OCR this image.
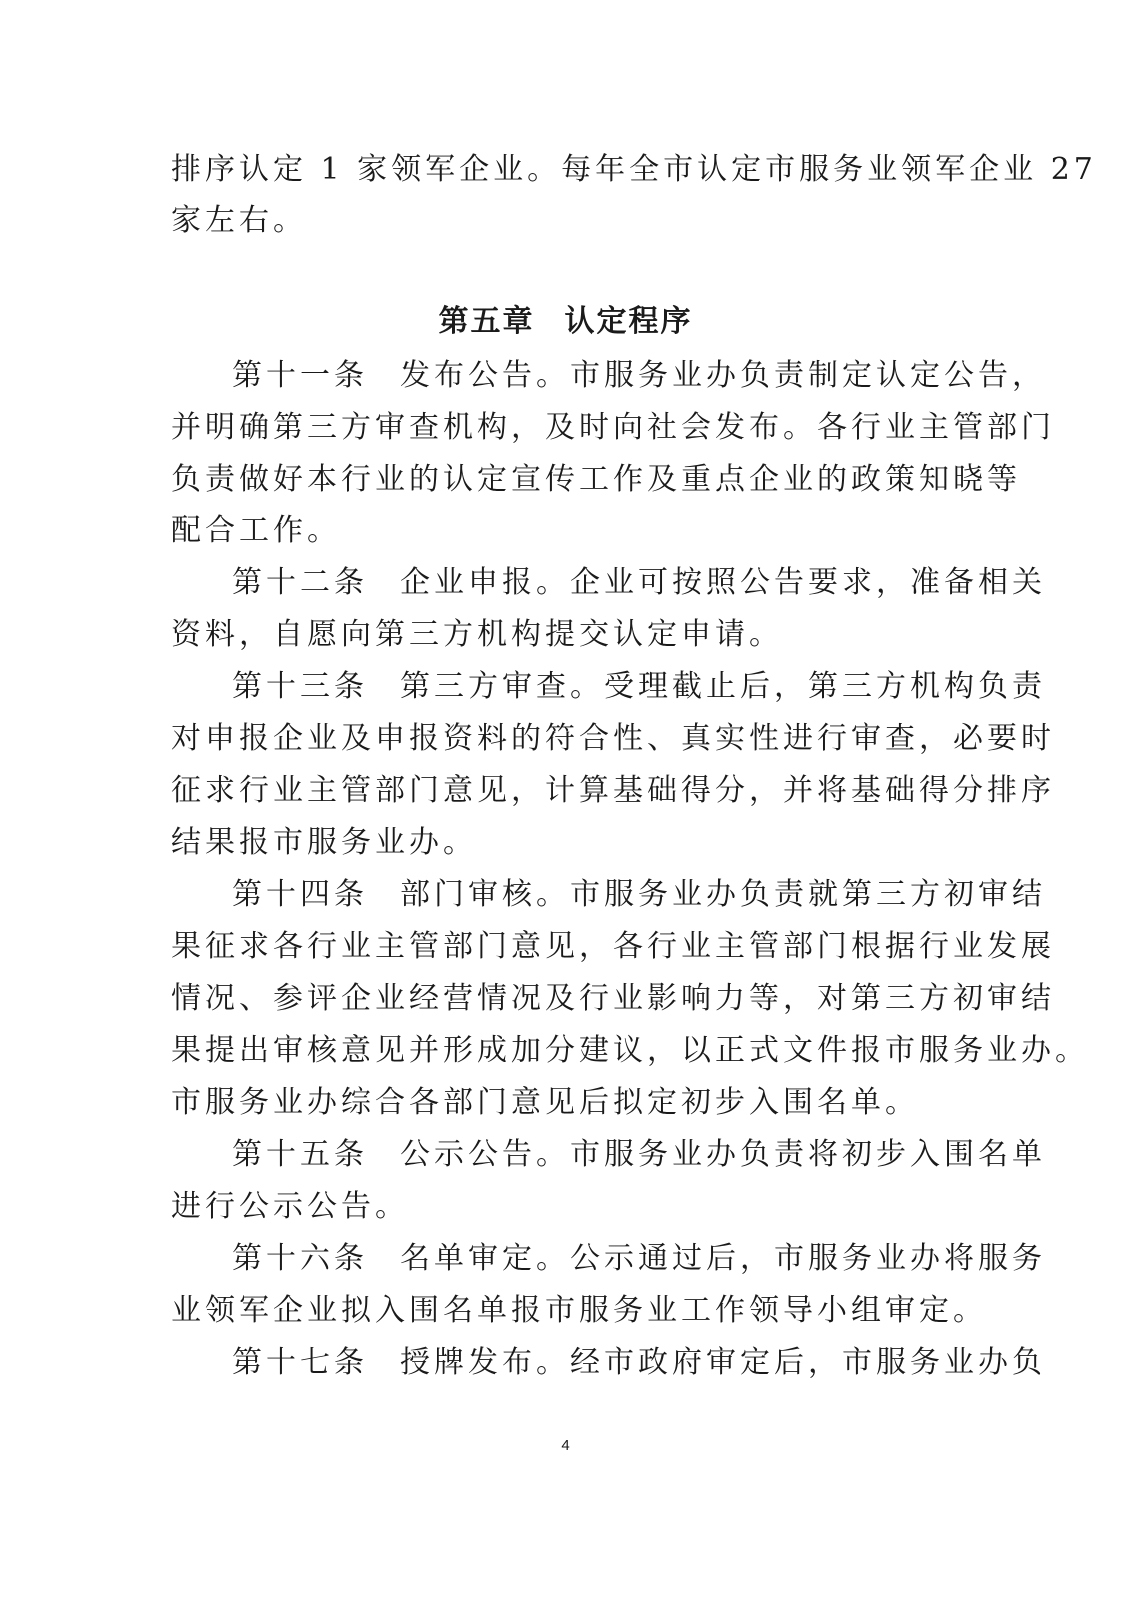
排序认定 1 家领军企业。每年全市认定市服务业领军企业 27
家左右。
第五章 认定程序
第十一条 发布公告。市服务业办负责制定认定公告，
并明确第三方审查机构，及时向社会发布。各行业主管部门
负责做好本行业的认定宣传工作及重点企业的政策知晓等
配合工作。
第十二条 企业申报。企业可按照公告要求，准备相关
资料，自愿向第三方机构提交认定申请。
第十三条 第三方审查。受理截止后，第三方机构负责
对申报企业及申报资料的符合性、真实性进行审查，必要时
征求行业主管部门意见，计算基础得分，并将基础得分排序
结果报市服务业办。
第十四条 部门审核。市服务业办负责就第三方初审结
果征求各行业主管部门意见，各行业主管部门根据行业发展
情况、参评企业经营情况及行业影响力等，对第三方初审结
果提出审核意见并形成加分建议，以正式文件报市服务业办。
市服务业办综合各部门意见后拟定初步入围名单。
第十五条 公示公告。市服务业办负责将初步入围名单
进行公示公告。
第十六条 名单审定。公示通过后，市服务业办将服务
业领军企业拟入围名单报市服务业工作领导小组审定。
第十七条 授牌发布。经市政府审定后，市服务业办负
4
